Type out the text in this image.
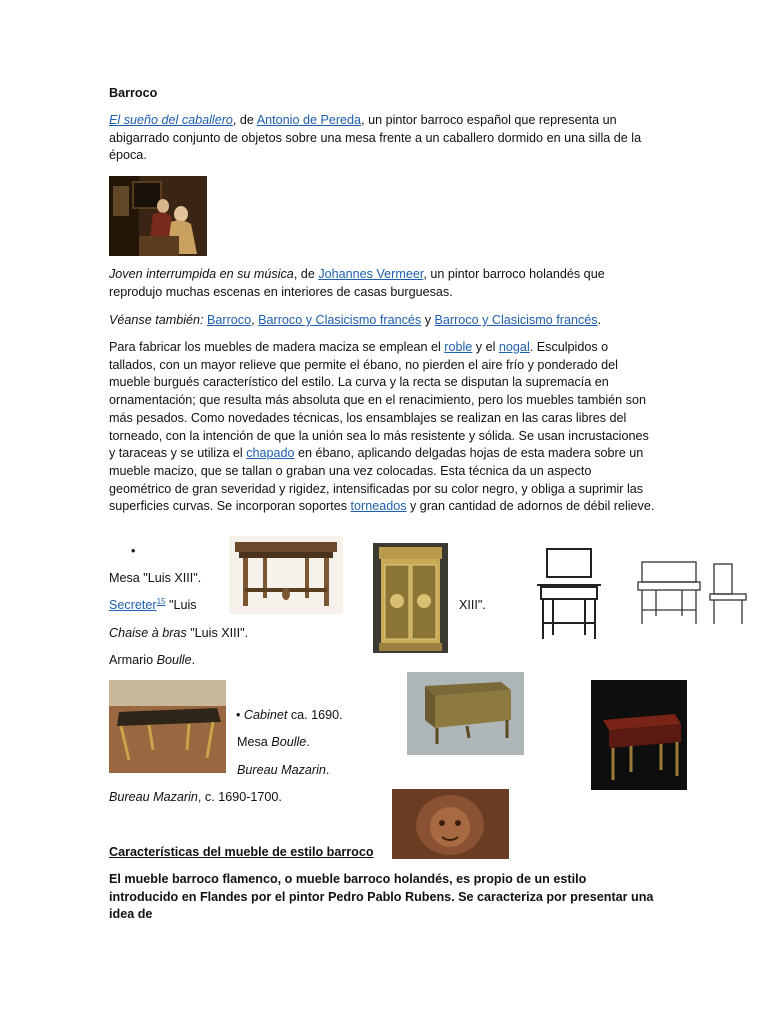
Barroco

El sueño del caballero, de Antonio de Pereda, un pintor barroco español que representa un abigarrado conjunto de objetos sobre una mesa frente a un caballero dormido en una silla de la época.

Joven interrumpida en su música, de Johannes Vermeer, un pintor barroco holandés que reprodujo muchas escenas en interiores de casas burguesas.

Véanse también: Barroco, Barroco y Clasicismo francés y Barroco y Clasicismo francés.

Para fabricar los muebles de madera maciza se emplean el roble y el nogal. Esculpidos o tallados, con un mayor relieve que permite el ébano, no pierden el aire frío y ponderado del mueble burgués característico del estilo. La curva y la recta se disputan la supremacía en ornamentación; que resulta más absoluta que en el renacimiento, pero los muebles también son más pesados. Como novedades técnicas, los ensamblajes se realizan en las caras libres del torneado, con la intención de que la unión sea lo más resistente y sólida. Se usan incrustaciones y taraceas y se utiliza el chapado en ébano, aplicando delgadas hojas de esta madera sobre un mueble macizo, que se tallan o graban una vez colocadas. Esta técnica da un aspecto geométrico de gran severidad y rigidez, intensificadas por su color negro, y obliga a suprimir las superficies curvas. Se incorporan soportes torneados y gran cantidad de adornos de débil relieve.

•
Mesa "Luis XIII".
Secreter$^{15}$ "Luis	XIII".
Chaise à bras "Luis XIII".
Armario Boulle.
• Cabinet ca. 1690.
Mesa Boulle.
Bureau Mazarin.
Bureau Mazarin, c. 1690-1700.
Características del mueble de estilo barroco

El mueble barroco flamenco, o mueble barroco holandés, es propio de un estilo introducido en Flandes por el pintor Pedro Pablo Rubens. Se caracteriza por presentar una idea de
